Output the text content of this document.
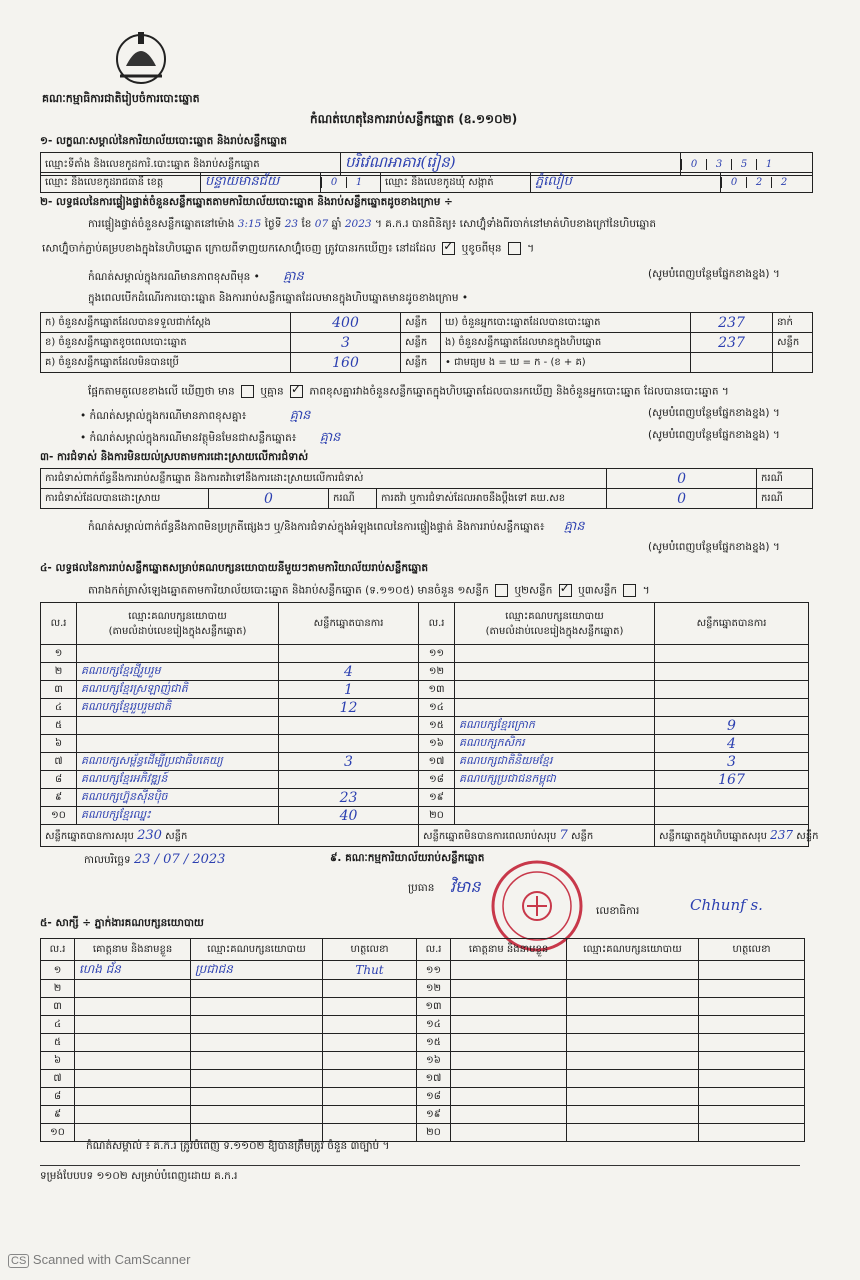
គណៈកម្មាធិការជាតិរៀបចំការបោះឆ្នោត
កំណត់ហេតុនៃការរាប់សន្លឹកឆ្នោត (ឧ.១១០២)
១- លក្ខណៈសម្គាល់នៃការិយាល័យបោះឆ្នោត និងរាប់សន្លឹកឆ្នោត
ឈ្មោះទីតាំង និងលេខកូដការិ.បោះឆ្នោត និងរាប់សន្លឹកឆ្នោត	បរិវេណអាគារ(រៀន)	0 3 5 1
ឈ្មោះ និងលេខកូដរាជធានី ខេត្ត	បន្ទាយមានជ័យ	0 1	ឈ្មោះ និងលេខកូដឃុំ សង្កាត់	ភ្នំលៀប	0 2 2
២- លទ្ធផលនៃការផ្ទៀងផ្ទាត់ចំនួនសន្លឹកឆ្នោតតាមការិយាល័យបោះឆ្នោត និងរាប់សន្លឹកឆ្នោតដូចខាងក្រោម ÷
ការផ្ទៀងផ្ទាត់ចំនួនសន្លឹកឆ្នោតនៅម៉ោង 3:15 ថ្ងៃទី 23 ខែ 07 ឆ្នាំ 2023 ។ គ.ក.រ បានពិនិត្យ៖ សោហ្វ៊ុំទាំងពីរចាក់នៅមាត់ហិបខាងក្រៅនៃហិបឆ្នោត
សោហ្វ៊ុំចាក់ភ្ជាប់គម្របខាងក្នុងនៃហិបឆ្នោត ក្រោយពីទាញយកសោហ្វ៊ុំចេញ ត្រូវបានរកឃើញ៖ នៅដដែល ✓ ឬខូចពីមុន  ។
កំណត់សម្គាល់ក្នុងករណីមានភាពខុសពីមុន • គ្មាន	(សូមបំពេញបន្ថែមផ្នែកខាងខ្នង) ។
ក្នុងពេលបើកដំណើរការបោះឆ្នោត និងការរាប់សន្លឹកឆ្នោតដែលមានក្នុងហិបឆ្នោតមានដូចខាងក្រោម •
ក) ចំនួនសន្លឹកឆ្នោតដែលបានទទួលជាក់ស្តែង	400	សន្លឹក	ឃ) ចំនួនអ្នកបោះឆ្នោតដែលបានបោះឆ្នោត	237	នាក់
ខ) ចំនួនសន្លឹកឆ្នោតខូចពេលបោះឆ្នោត	3	សន្លឹក	ង) ចំនួនសន្លឹកឆ្នោតដែលមានក្នុងហិបឆ្នោត	237	សន្លឹក
គ) ចំនួនសន្លឹកឆ្នោតដែលមិនបានប្រើ	160	សន្លឹក	• ជាមធ្យម ង = ឃ = ក - (ខ + គ)		
ផ្អែកតាមតួលេខខាងលើ ឃើញថា មាន ឬគ្មាន ✓ ភាពខុសគ្នារវាងចំនួនសន្លឹកឆ្នោតក្នុងហិបឆ្នោតដែលបានរកឃើញ និងចំនួនអ្នកបោះឆ្នោត ដែលបានបោះឆ្នោត ។
• កំណត់សម្គាល់ក្នុងករណីមានភាពខុសគ្នា៖	គ្មាន	(សូមបំពេញបន្ថែមផ្នែកខាងខ្នង) ។
• កំណត់សម្គាល់ក្នុងករណីមានវត្ថុមិនមែនជាសន្លឹកឆ្នោត៖ គ្មាន	(សូមបំពេញបន្ថែមផ្នែកខាងខ្នង) ។
៣- ការជំទាស់ និងការមិនយល់ស្របតាមការដោះស្រាយលើការជំទាស់
ការជំទាស់ពាក់ព័ន្ធនឹងការរាប់សន្លឹកឆ្នោត និងការតវ៉ាទៅនឹងការដោះស្រាយលើការជំទាស់				0	ករណី
ការជំទាស់ដែលបានដោះស្រាយ	0	ករណី	ការតវ៉ា ឬការជំទាស់ដែលអាចនឹងប្តឹងទៅ គឃ.សខ	0	ករណី
កំណត់សម្គាល់ពាក់ព័ន្ធនឹងភាពមិនប្រក្រតីផ្សេងៗ ឬ/និងការជំទាស់ក្នុងអំឡុងពេលនៃការផ្ទៀងផ្ទាត់ និងការរាប់សន្លឹកឆ្នោត៖ គ្មាន
(សូមបំពេញបន្ថែមផ្នែកខាងខ្នង) ។
៤- លទ្ធផលនៃការរាប់សន្លឹកឆ្នោតសម្រាប់គណបក្សនយោបាយនីមួយៗតាមការិយាល័យរាប់សន្លឹកឆ្នោត
តារាងកត់ត្រាសំឡេងឆ្នោតតាមការិយាល័យបោះឆ្នោត និងរាប់សន្លឹកឆ្នោត (ទ.១១០៥) មានចំនួន ១សន្លឹក ឬ២សន្លឹក ✓ ឬ៣សន្លឹក  ។
ល.រ	ឈ្មោះគណបក្សនយោបាយ
(តាមលំដាប់លេខរៀងក្នុងសន្លឹកឆ្នោត)	សន្លឹកឆ្នោតបានការ	ល.រ	ឈ្មោះគណបក្សនយោបាយ
(តាមលំដាប់លេខរៀងក្នុងសន្លឹកឆ្នោត)	សន្លឹកឆ្នោតបានការ
១			១១		
២	គណបក្សខ្មែរថ្មីរួបរួម	4	១២		
៣	គណបក្សខ្មែរស្រឡាញ់ជាតិ	1	១៣		
៤	គណបក្សខ្មែររួបរួមជាតិ	12	១៤		
៥			១៥	គណបក្សខ្មែរក្រោក	9
៦			១៦	គណបក្សកសិករ	4
៧	គណបក្សសម្ព័ន្ធដើម្បីប្រជាធិបតេយ្យ	3	១៧	គណបក្សជាតិនិយមខ្មែរ	3
៨	គណបក្សខ្មែរអភិវឌ្ឍន៍		១៨	គណបក្សប្រជាជនកម្ពុជា	167
៩	គណបក្សហ្វ៊ុនស៊ីនប៉ិច	23	១៩		
១០	គណបក្សខ្មែរឈ្នះ	40	២០		
សន្លឹកឆ្នោតបានការសរុប 230 សន្លឹក			សន្លឹកឆ្នោតមិនបានការពេលរាប់សរុប 7 សន្លឹក		សន្លឹកឆ្នោតក្នុងហិបឆ្នោតសរុប 237 សន្លឹក
កាលបរិច្ឆេទ 23 / 07 / 2023	៩. គណៈកម្មការិយាល័យរាប់សន្លឹកឆ្នោត
ប្រធាន វិមាន
លេខាធិការ	Chhunf s.
៥- សាក្សី ÷ ភ្នាក់ងារគណបក្សនយោបាយ
ល.រ	គោត្តនាម និងនាមខ្លួន	ឈ្មោះគណបក្សនយោបាយ	ហត្ថលេខា	ល.រ	គោត្តនាម និងនាមខ្លួន	ឈ្មោះគណបក្សនយោបាយ	ហត្ថលេខា
១	ហេង ជ័ន	ប្រជាជន	Thut	១១			
២				១២			
៣				១៣			
៤				១៤			
៥				១៥			
៦				១៦			
៧				១៧			
៨				១៨			
៩				១៩			
១០				២០			
កំណត់សម្គាល់ ៖ គ.ក.រ ត្រូវបំពេញ ទ.១១០២ ឱ្យបានត្រឹមត្រូវ ចំនួន ៣ច្បាប់ ។
ទម្រង់បែបបទ ១១០២ សម្រាប់បំពេញដោយ គ.ក.រ
CS Scanned with CamScanner
